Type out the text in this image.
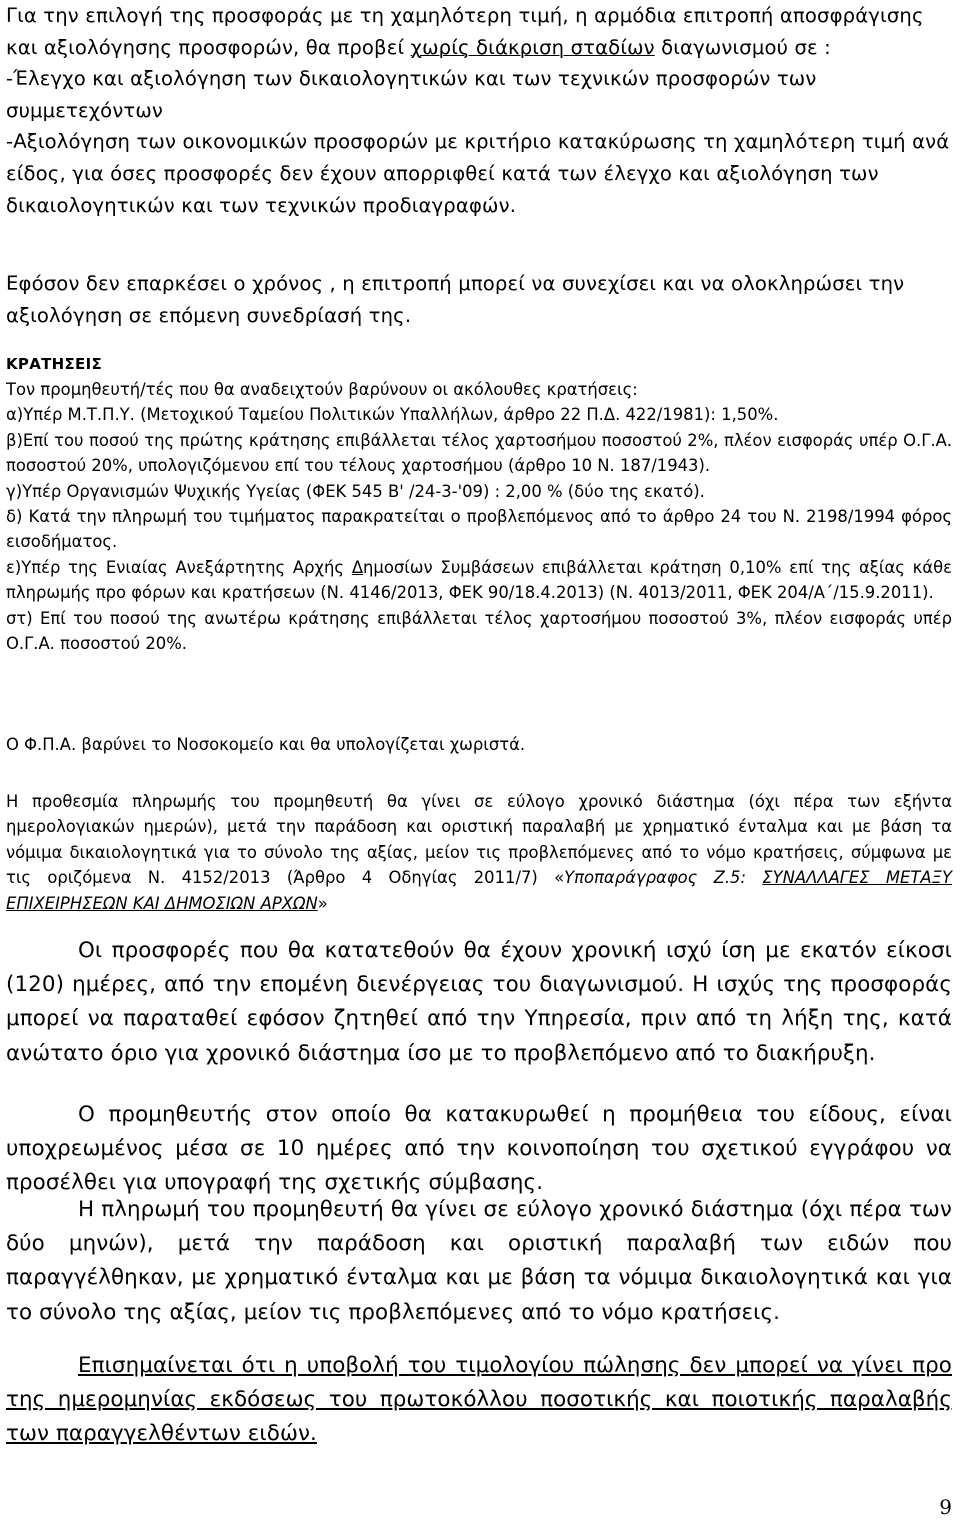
Για την επιλογή της προσφοράς με τη χαμηλότερη τιμή, η αρμόδια επιτροπή αποσφράγισης και αξιολόγησης προσφορών, θα προβεί χωρίς διάκριση σταδίων διαγωνισμού σε :
-Έλεγχο και αξιολόγηση των δικαιολογητικών και των τεχνικών προσφορών των συμμετεχόντων
-Αξιολόγηση των οικονομικών προσφορών με κριτήριο κατακύρωσης τη χαμηλότερη τιμή ανά είδος, για όσες προσφορές δεν έχουν απορριφθεί κατά των έλεγχο και αξιολόγηση των δικαιολογητικών και των τεχνικών προδιαγραφών.

Εφόσον δεν επαρκέσει ο χρόνος , η επιτροπή μπορεί να συνεχίσει και να ολοκληρώσει την αξιολόγηση σε επόμενη συνεδρίασή της.

ΚΡΑΤΗΣΕΙΣ

Τον προμηθευτή/τές που θα αναδειχτούν βαρύνουν οι ακόλουθες κρατήσεις:

α)Υπέρ Μ.Τ.Π.Υ. (Μετοχικού Ταμείου Πολιτικών Υπαλλήλων, άρθρο 22 Π.Δ. 422/1981): 1,50%.

β)Επί του ποσού της πρώτης κράτησης επιβάλλεται τέλος χαρτοσήμου ποσοστού 2%, πλέον εισφοράς υπέρ Ο.Γ.Α. ποσοστού 20%, υπολογιζόμενου επί του τέλους χαρτοσήμου (άρθρο 10 Ν. 187/1943).

γ)Υπέρ Οργανισμών Ψυχικής Υγείας (ΦΕΚ 545 Β' /24-3-'09) : 2,00 % (δύο της εκατό).

δ) Κατά την πληρωμή του τιμήματος παρακρατείται ο προβλεπόμενος από το άρθρο 24 του Ν. 2198/1994 φόρος εισοδήματος.

ε)Υπέρ της Ενιαίας Ανεξάρτητης Αρχής Δημοσίων Συμβάσεων επιβάλλεται κράτηση 0,10% επί της αξίας κάθε πληρωμής προ φόρων και κρατήσεων (Ν. 4146/2013, ΦΕΚ 90/18.4.2013) (Ν. 4013/2011, ΦΕΚ 204/Α΄/15.9.2011).

στ) Επί του ποσού της ανωτέρω κράτησης επιβάλλεται τέλος χαρτοσήμου ποσοστού 3%, πλέον εισφοράς υπέρ Ο.Γ.Α. ποσοστού 20%.

Ο Φ.Π.Α. βαρύνει το Νοσοκομείο και θα υπολογίζεται χωριστά.

Η προθεσμία πληρωμής του προμηθευτή θα γίνει σε εύλογο χρονικό διάστημα (όχι πέρα των εξήντα ημερολογιακών ημερών), μετά την παράδοση και οριστική παραλαβή με χρηματικό ένταλμα και με βάση τα νόμιμα δικαιολογητικά για το σύνολο της αξίας, μείον τις προβλεπόμενες από το νόμο κρατήσεις, σύμφωνα με τις οριζόμενα Ν. 4152/2013 (Άρθρο 4 Οδηγίας 2011/7) «Υποπαράγραφος Ζ.5: ΣΥΝΑΛΛΑΓΕΣ ΜΕΤΑΞΥ ΕΠΙΧΕΙΡΗΣΕΩΝ ΚΑΙ ΔΗΜΟΣΙΩΝ ΑΡΧΩΝ»

Οι προσφορές που θα κατατεθούν θα έχουν χρονική ισχύ ίση με εκατόν είκοσι (120) ημέρες, από την επομένη διενέργειας του διαγωνισμού. Η ισχύς της προσφοράς μπορεί να παραταθεί εφόσον ζητηθεί από την Υπηρεσία, πριν από τη λήξη της, κατά ανώτατο όριο για χρονικό διάστημα ίσο με το προβλεπόμενο από το διακήρυξη.

Ο προμηθευτής στον οποίο θα κατακυρωθεί η προμήθεια του είδους, είναι υποχρεωμένος μέσα σε 10 ημέρες από την κοινοποίηση του σχετικού εγγράφου να προσέλθει για υπογραφή της σχετικής σύμβασης.

Η πληρωμή του προμηθευτή θα γίνει σε εύλογο χρονικό διάστημα (όχι πέρα των δύο μηνών), μετά την παράδοση και οριστική παραλαβή των ειδών που παραγγέλθηκαν, με χρηματικό ένταλμα και με βάση τα νόμιμα δικαιολογητικά και για το σύνολο της αξίας, μείον τις προβλεπόμενες από το νόμο κρατήσεις.

Επισημαίνεται ότι η υποβολή του τιμολογίου πώλησης δεν μπορεί να γίνει προ της ημερομηνίας εκδόσεως του πρωτοκόλλου ποσοτικής και ποιοτικής παραλαβής των παραγγελθέντων ειδών.

9
